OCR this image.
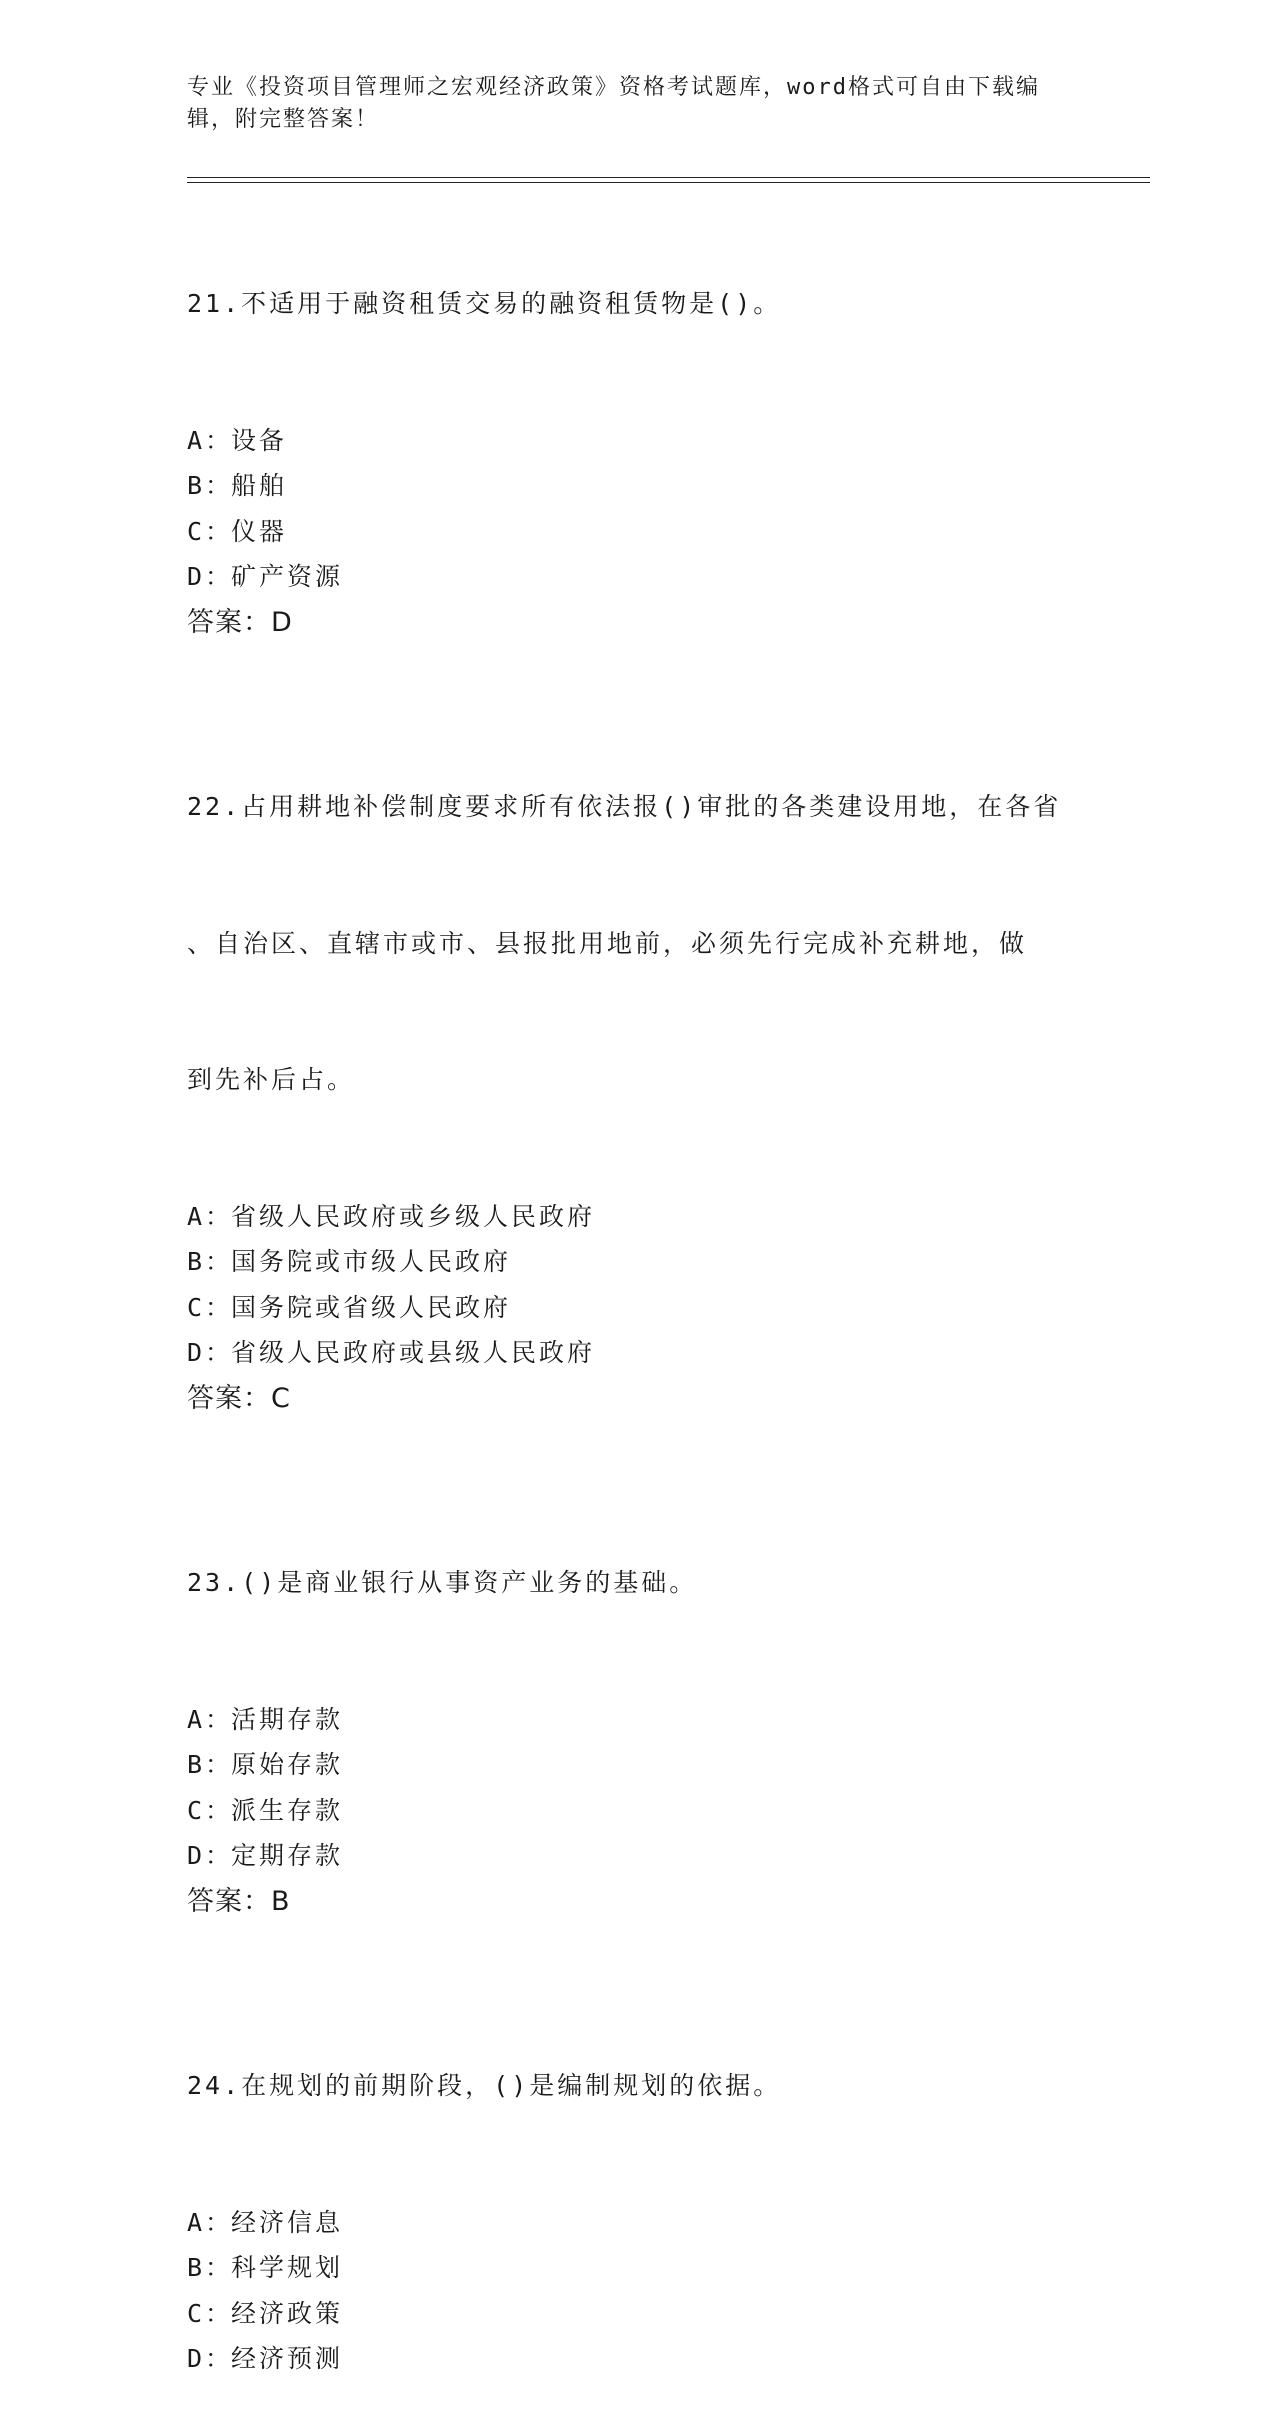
专业《投资项目管理师之宏观经济政策》资格考试题库，word格式可自由下载编
辑，附完整答案！

21.不适用于融资租赁交易的融资租赁物是()。

A：设备
B：船舶
C：仪器
D：矿产资源
答案：D

22.占用耕地补偿制度要求所有依法报()审批的各类建设用地，在各省

、自治区、直辖市或市、县报批用地前，必须先行完成补充耕地，做

到先补后占。

A：省级人民政府或乡级人民政府
B：国务院或市级人民政府
C：国务院或省级人民政府
D：省级人民政府或县级人民政府
答案：C

23.()是商业银行从事资产业务的基础。

A：活期存款
B：原始存款
C：派生存款
D：定期存款
答案：B

24.在规划的前期阶段，()是编制规划的依据。

A：经济信息
B：科学规划
C：经济政策
D：经济预测
